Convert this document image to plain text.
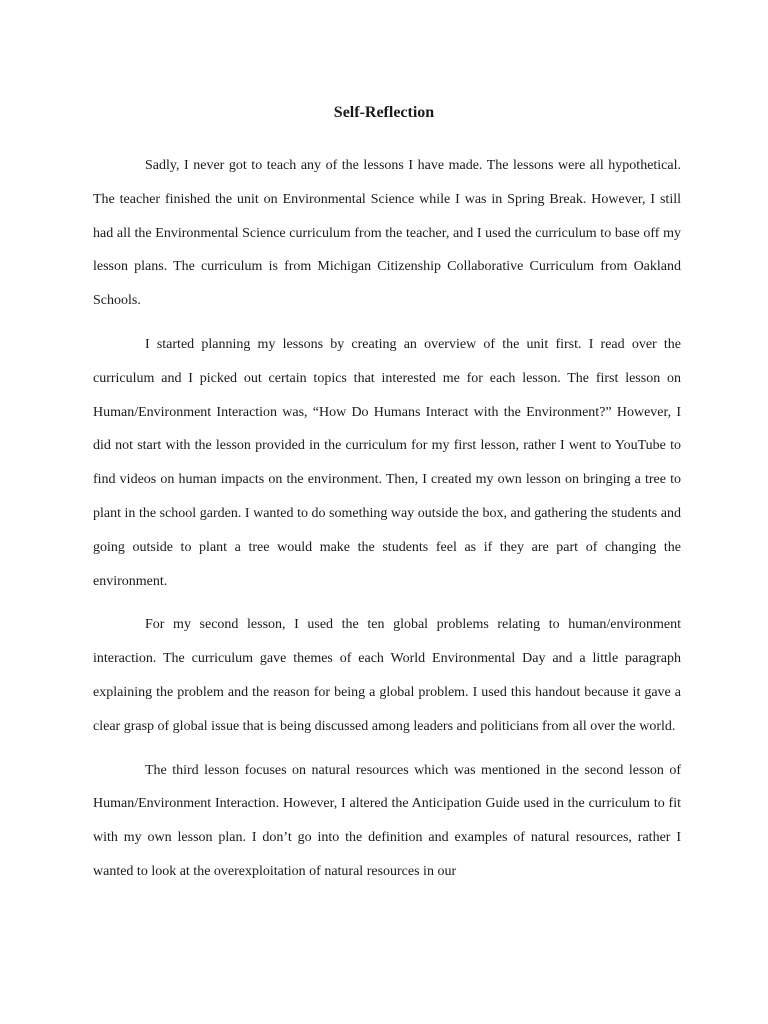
Self-Reflection

Sadly, I never got to teach any of the lessons I have made. The lessons were all hypothetical. The teacher finished the unit on Environmental Science while I was in Spring Break. However, I still had all the Environmental Science curriculum from the teacher, and I used the curriculum to base off my lesson plans. The curriculum is from Michigan Citizenship Collaborative Curriculum from Oakland Schools.

I started planning my lessons by creating an overview of the unit first. I read over the curriculum and I picked out certain topics that interested me for each lesson. The first lesson on Human/Environment Interaction was, “How Do Humans Interact with the Environment?” However, I did not start with the lesson provided in the curriculum for my first lesson, rather I went to YouTube to find videos on human impacts on the environment. Then, I created my own lesson on bringing a tree to plant in the school garden. I wanted to do something way outside the box, and gathering the students and going outside to plant a tree would make the students feel as if they are part of changing the environment.

For my second lesson, I used the ten global problems relating to human/environment interaction. The curriculum gave themes of each World Environmental Day and a little paragraph explaining the problem and the reason for being a global problem. I used this handout because it gave a clear grasp of global issue that is being discussed among leaders and politicians from all over the world.

The third lesson focuses on natural resources which was mentioned in the second lesson of Human/Environment Interaction. However, I altered the Anticipation Guide used in the curriculum to fit with my own lesson plan. I don’t go into the definition and examples of natural resources, rather I wanted to look at the overexploitation of natural resources in our
